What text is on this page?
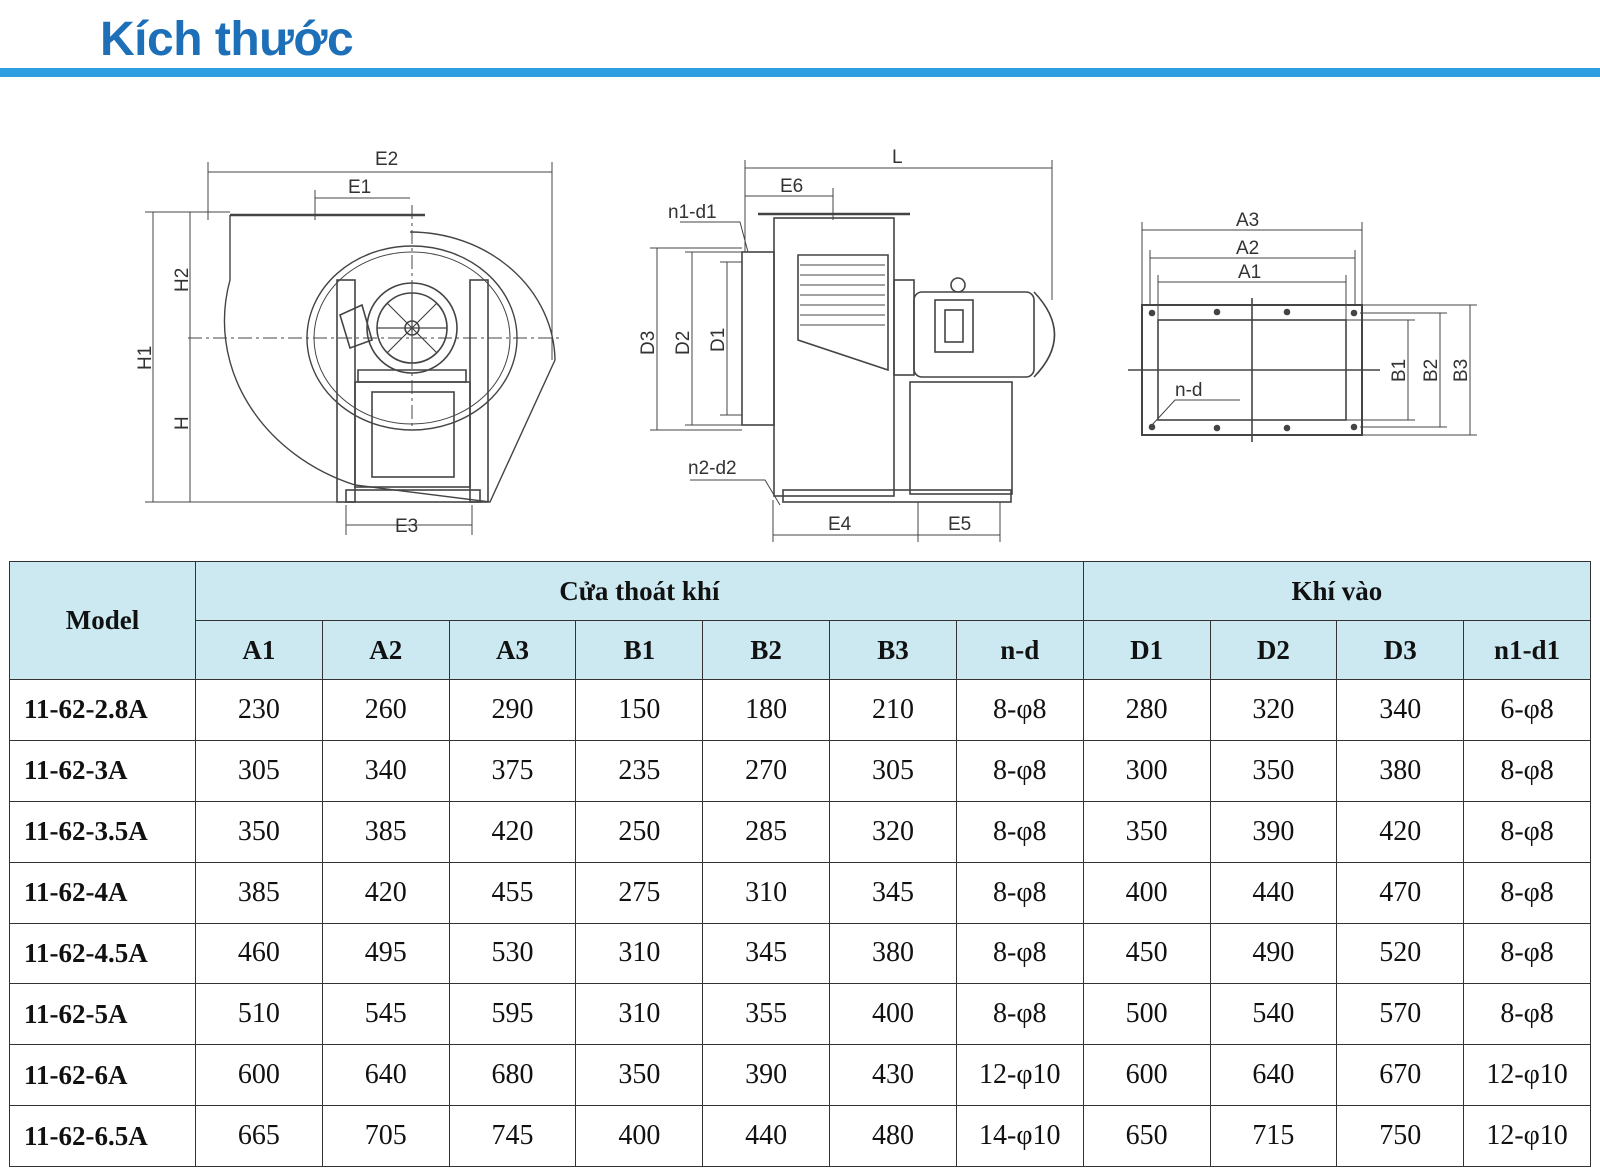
Kích thước
E2
E1
H2
H1
H
E3
L
E6
n1-d1
D3 D2 D1
n2-d2
E4	E5
A3
A2
A1
B1 B2 B3
n-d
Model	Cửa thoát khí							Khí vào			
	A1	A2	A3	B1	B2	B3	n-d	D1	D2	D3	n1-d1
11-62-2.8A	230	260	290	150	180	210	8-φ8	280	320	340	6-φ8
11-62-3A	305	340	375	235	270	305	8-φ8	300	350	380	8-φ8
11-62-3.5A	350	385	420	250	285	320	8-φ8	350	390	420	8-φ8
11-62-4A	385	420	455	275	310	345	8-φ8	400	440	470	8-φ8
11-62-4.5A	460	495	530	310	345	380	8-φ8	450	490	520	8-φ8
11-62-5A	510	545	595	310	355	400	8-φ8	500	540	570	8-φ8
11-62-6A	600	640	680	350	390	430	12-φ10	600	640	670	12-φ10
11-62-6.5A	665	705	745	400	440	480	14-φ10	650	715	750	12-φ10
